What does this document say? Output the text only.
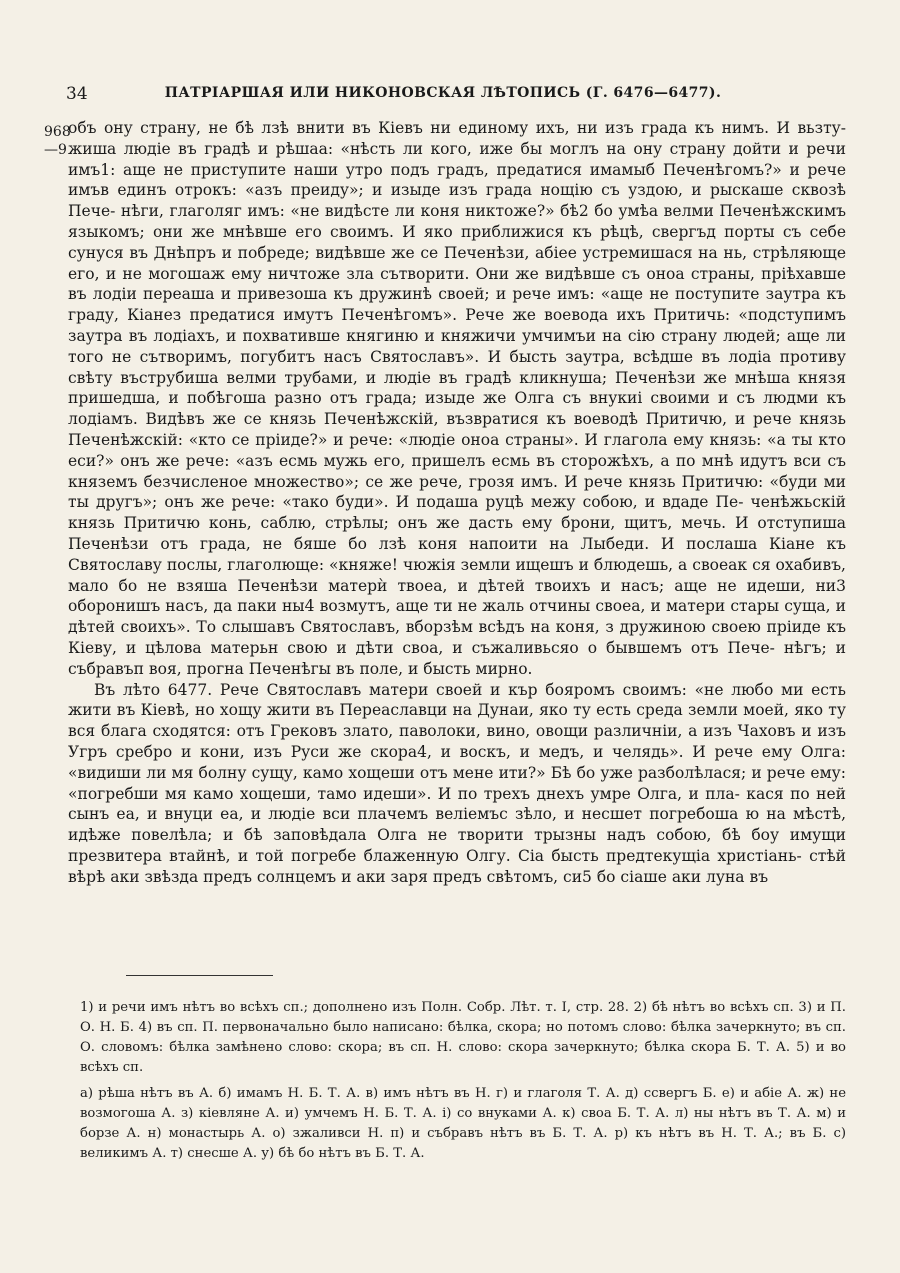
34	ПАТРІАРШАЯ ИЛИ НИКОНОВСКАЯ ЛѢТОПИСЬ (Г. 6476—6477).
968
—9

объ ону страну, не бѣ лзѣ внити въ Кіевъ ни единому ихъ, ни изъ града къ нимъ. И вьзту- жиша людіе въ градѣ и рѣшаа: «нѣсть ли кого, иже бы моглъ на ону страну дойти и речи имъ1: аще не приступите наши утро подъ градъ, предатися имамыб Печенѣгомъ?» и рече имъв единъ отрокъ: «азъ преиду»; и изыде изъ града нощію съ уздою, и рыскаше сквозѣ Пече- нѣги, глаголяг имъ: «не видѣсте ли коня никтоже?» бѣ2 бо умѣа велми Печенѣжскимъ языкомъ; они же мнѣвше его своимъ. И яко приближися къ рѣцѣ, свергъд порты съ себе сунуся въ Днѣпръ и побреде; видѣвше же се Печенѣзи, абіее устремишася на нь, стрѣляюще его, и не могошаж ему ничтоже зла сътворити. Они же видѣвше съ оноа страны, пріѣхавше въ лодіи переаша и привезоша къ дружинѣ своей; и рече имъ: «аще не поступите заутра къ граду, Кіанез предатися имутъ Печенѣгомъ». Рече же воевода ихъ Притичь: «подступимъ заутра въ лодіахъ, и похвативше княгиню и княжичи умчимъи на сію страну людей; аще ли того не сътворимъ, погубитъ насъ Святославъ». И бысть заутра, всѣдше въ лодіа противу свѣту въструбиша велми трубами, и людіе въ градѣ кликнуша; Печенѣзи же мнѣша князя пришедша, и побѣгоша разно отъ града; изыде же Олга съ внукиі своими и съ людми къ лодіамъ. Видѣвъ же се князь Печенѣжскій, възвратися къ воеводѣ Притичю, и рече князь Печенѣжскій: «кто се пріиде?» и рече: «людіе оноа страны». И глагола ему князь: «а ты кто еси?» онъ же рече: «азъ есмь мужь его, пришелъ есмь въ сторожѣхъ, а по мнѣ идутъ вси съ княземъ безчисленое множество»; се же рече, грозя имъ. И рече князь Притичю: «буди ми ты другъ»; онъ же рече: «тако буди». И подаша руцѣ межу собою, и вдаде Пе- ченѣжьскій князь Притичю конь, саблю, стрѣлы; онъ же дасть ему брони, щитъ, мечь. И отступиша Печенѣзи отъ града, не бяше бо лзѣ коня напоити на Лыбеди. И послаша Кіане къ Святославу послы, глаголюще: «княже! чюжія земли ищешъ и блюдешь, а своеак ся охабивъ, мало бо не взяша Печенѣзи матерѝ твоеа, и дѣтей твоихъ и насъ; аще не идеши, ни3 оборонишъ насъ, да паки ны4 возмутъ, аще ти не жаль отчины своеа, и матери стары суща, и дѣтей своихъ». То слышавъ Святославъ, вборзѣм всѣдъ на коня, з дружиною своею пріиде къ Кіеву, и цѣлова матерьн свою и дѣти своа, и съжаливьсяо о бывшемъ отъ Пече- нѣгъ; и събравъп воя, прогна Печенѣгы въ поле, и бысть мирно.

Въ лѣто 6477. Рече Святославъ матери своей и кър бояромъ своимъ: «не любо ми есть жити въ Кіевѣ, но хощу жити въ Переаславци на Дунаи, яко ту есть среда земли моей, яко ту вся блага сходятся: отъ Грековъ злато, паволоки, вино, овощи различніи, а изъ Чаховъ и изъ Угръ сребро и кони, изъ Руси же скора4, и воскъ, и медъ, и челядь». И рече ему Олга: «видиши ли мя болну сущу, камо хощеши отъ мене ити?» Бѣ бо уже разболѣлася; и рече ему: «погребши мя камо хощеши, тамо идеши». И по трехъ днехъ умре Олга, и пла- кася по ней сынъ еа, и внуци еа, и людіе вси плачемъ веліемъс зѣло, и несшет погребоша ю на мѣстѣ, идѣже повелѣла; и бѣ заповѣдала Олга не творити трызны надъ собою, бѣ боу имущи презвитера втайнѣ, и той погребе блаженную Олгу. Сіа бысть предтекущіа христіань- стѣй вѣрѣ аки звѣзда предъ солнцемъ и аки заря предъ свѣтомъ, си5 бо сіаше аки луна въ

1) и речи имъ нѣтъ во всѣхъ сп.; дополнено изъ Полн. Собр. Лѣт. т. I, стр. 28. 2) бѣ нѣтъ во всѣхъ сп. 3) и П. О. Н. Б. 4) въ сп. П. первоначально было написано: бѣлка, скора; но потомъ слово: бѣлка зачеркнуто; въ сп. О. словомъ: бѣлка замѣнено слово: скора; въ сп. Н. слово: скора зачеркнуто; бѣлка скора Б. Т. А. 5) и во всѣхъ сп.
а) рѣша нѣтъ въ А. б) имамъ Н. Б. Т. А. в) имъ нѣтъ въ Н. г) и глаголя Т. А. д) ссвергъ Б. е) и абіе А. ж) не возмогоша А. з) кіевляне А. и) умчемъ Н. Б. Т. А. і) со внуками А. к) своа Б. Т. А. л) ны нѣтъ въ Т. А. м) и борзе А. н) монастырь А. о) зжаливси Н. п) и събравъ нѣтъ въ Б. Т. А. р) къ нѣтъ въ Н. Т. А.; въ Б. с) великимъ А. т) снесше А. у) бѣ бо нѣтъ въ Б. Т. А.
